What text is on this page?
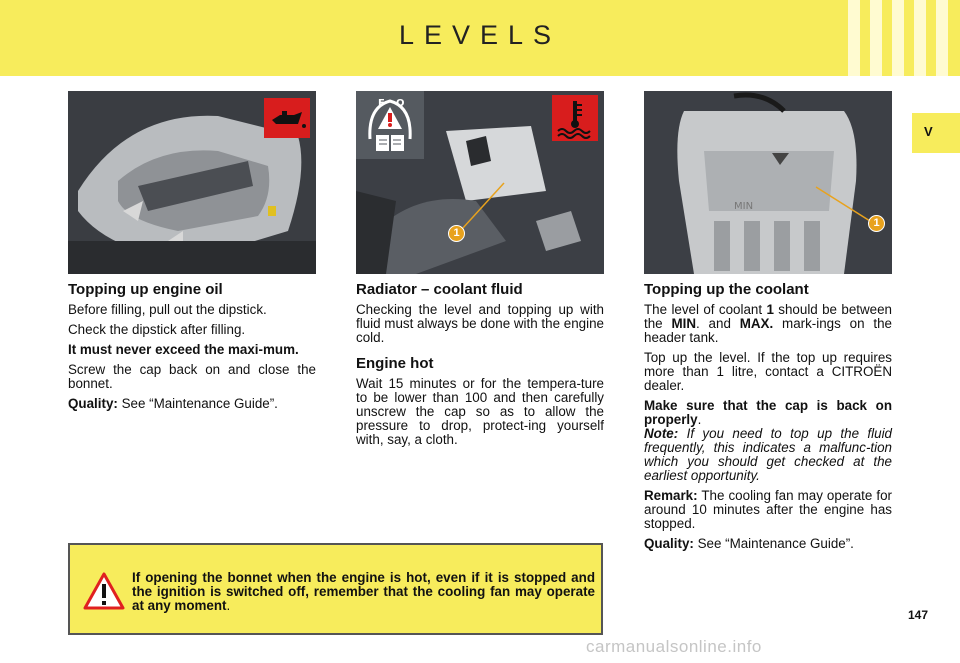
LEVELS
V
F O
1
MIN
1
Topping up engine oil

Before filling, pull out the dipstick.

Check the dipstick after filling.

It must never exceed the maxi-mum.

Screw the cap back on and close the bonnet.

Quality: See “Maintenance Guide”.

Radiator – coolant fluid

Checking the level and topping up with fluid must always be done with the engine cold.

Engine hot

Wait 15 minutes or for the tempera-ture to be lower than 100 and then carefully unscrew the cap so as to allow the pressure to drop, protect-ing yourself with, say, a cloth.

Topping up the coolant

The level of coolant 1 should be between the MIN. and MAX. mark-ings on the header tank.

Top up the level. If the top up requires more than 1 litre, contact a CITROËN dealer.

Make sure that the cap is back on properly.

Note: If you need to top up the fluid frequently, this indicates a malfunc-tion which you should get checked at the earliest opportunity.

Remark: The cooling fan may operate for around 10 minutes after the engine has stopped.

Quality: See “Maintenance Guide”.

If opening the bonnet when the engine is hot, even if it is stopped and the ignition is switched off, remember that the cooling fan may operate at any moment.
147
carmanualsonline.info
